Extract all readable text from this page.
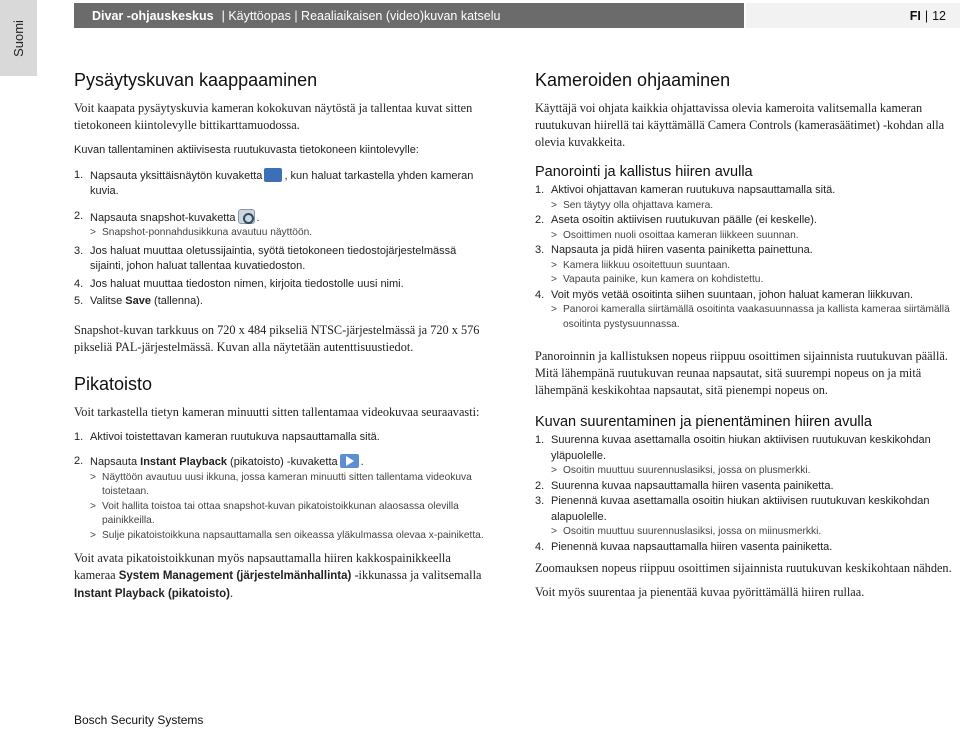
Suomi
Divar -ohjauskeskus | Käyttöopas | Reaaliaikaisen (video)kuvan katselu	FI | 12
Pysäytyskuvan kaappaaminen

Voit kaapata pysäytyskuvia kameran kokokuvan näytöstä ja tallentaa kuvat sitten tietokoneen kiintolevylle bittikarttamuodossa.

Kuvan tallentaminen aktiivisesta ruutukuvasta tietokoneen kiintolevylle:

1. Napsauta yksittäisnäytön kuvaketta , kun haluat tarkastella yhden kameran kuvia.
2. Napsauta snapshot-kuvaketta .
> Snapshot-ponnahdusikkuna avautuu näyttöön.
3. Jos haluat muuttaa oletussijaintia, syötä tietokoneen tiedostojärjestelmässä sijainti, johon haluat tallentaa kuvatiedoston.
4. Jos haluat muuttaa tiedoston nimen, kirjoita tiedostolle uusi nimi.
5. Valitse Save (tallenna).

Snapshot-kuvan tarkkuus on 720 x 484 pikseliä NTSC-järjestelmässä ja 720 x 576 pikseliä PAL-järjestelmässä. Kuvan alla näytetään autenttisuustiedot.

Pikatoisto

Voit tarkastella tietyn kameran minuutti sitten tallentamaa videokuvaa seuraavasti:

1. Aktivoi toistettavan kameran ruutukuva napsauttamalla sitä.
2. Napsauta Instant Playback (pikatoisto) -kuvaketta .
> Näyttöön avautuu uusi ikkuna, jossa kameran minuutti sitten tallentama videokuva toistetaan.
> Voit hallita toistoa tai ottaa snapshot-kuvan pikatoistoikkunan alaosassa olevilla painikkeilla.
> Sulje pikatoistoikkuna napsauttamalla sen oikeassa yläkulmassa olevaa x-painiketta.

Voit avata pikatoistoikkunan myös napsauttamalla hiiren kakkospainikkeella kameraa System Management (järjestelmänhallinta) -ikkunassa ja valitsemalla Instant Playback (pikatoisto).

Kameroiden ohjaaminen

Käyttäjä voi ohjata kaikkia ohjattavissa olevia kameroita valitsemalla kameran ruutukuvan hiirellä tai käyttämällä Camera Controls (kamerasäätimet) -kohdan alla olevia kuvakkeita.

Panorointi ja kallistus hiiren avulla
1. Aktivoi ohjattavan kameran ruutukuva napsauttamalla sitä.
> Sen täytyy olla ohjattava kamera.
2. Aseta osoitin aktiivisen ruutukuvan päälle (ei keskelle).
> Osoittimen nuoli osoittaa kameran liikkeen suunnan.
3. Napsauta ja pidä hiiren vasenta painiketta painettuna.
> Kamera liikkuu osoitettuun suuntaan.
> Vapauta painike, kun kamera on kohdistettu.
4. Voit myös vetää osoitinta siihen suuntaan, johon haluat kameran liikkuvan.
> Panoroi kameralla siirtämällä osoitinta vaakasuunnassa ja kallista kameraa siirtämällä osoitinta pystysuunnassa.

Panoroinnin ja kallistuksen nopeus riippuu osoittimen sijainnista ruutukuvan päällä. Mitä lähempänä ruutukuvan reunaa napsautat, sitä suurempi nopeus on ja mitä lähempänä keskikohtaa napsautat, sitä pienempi nopeus on.

Kuvan suurentaminen ja pienentäminen hiiren avulla
1. Suurenna kuvaa asettamalla osoitin hiukan aktiivisen ruutukuvan keskikohdan yläpuolelle.
> Osoitin muuttuu suurennuslasiksi, jossa on plusmerkki.
2. Suurenna kuvaa napsauttamalla hiiren vasenta painiketta.
3. Pienennä kuvaa asettamalla osoitin hiukan aktiivisen ruutukuvan keskikohdan alapuolelle.
> Osoitin muuttuu suurennuslasiksi, jossa on miinusmerkki.
4. Pienennä kuvaa napsauttamalla hiiren vasenta painiketta.

Zoomauksen nopeus riippuu osoittimen sijainnista ruutukuvan keskikohtaan nähden.

Voit myös suurentaa ja pienentää kuvaa pyörittämällä hiiren rullaa.

Bosch Security Systems
